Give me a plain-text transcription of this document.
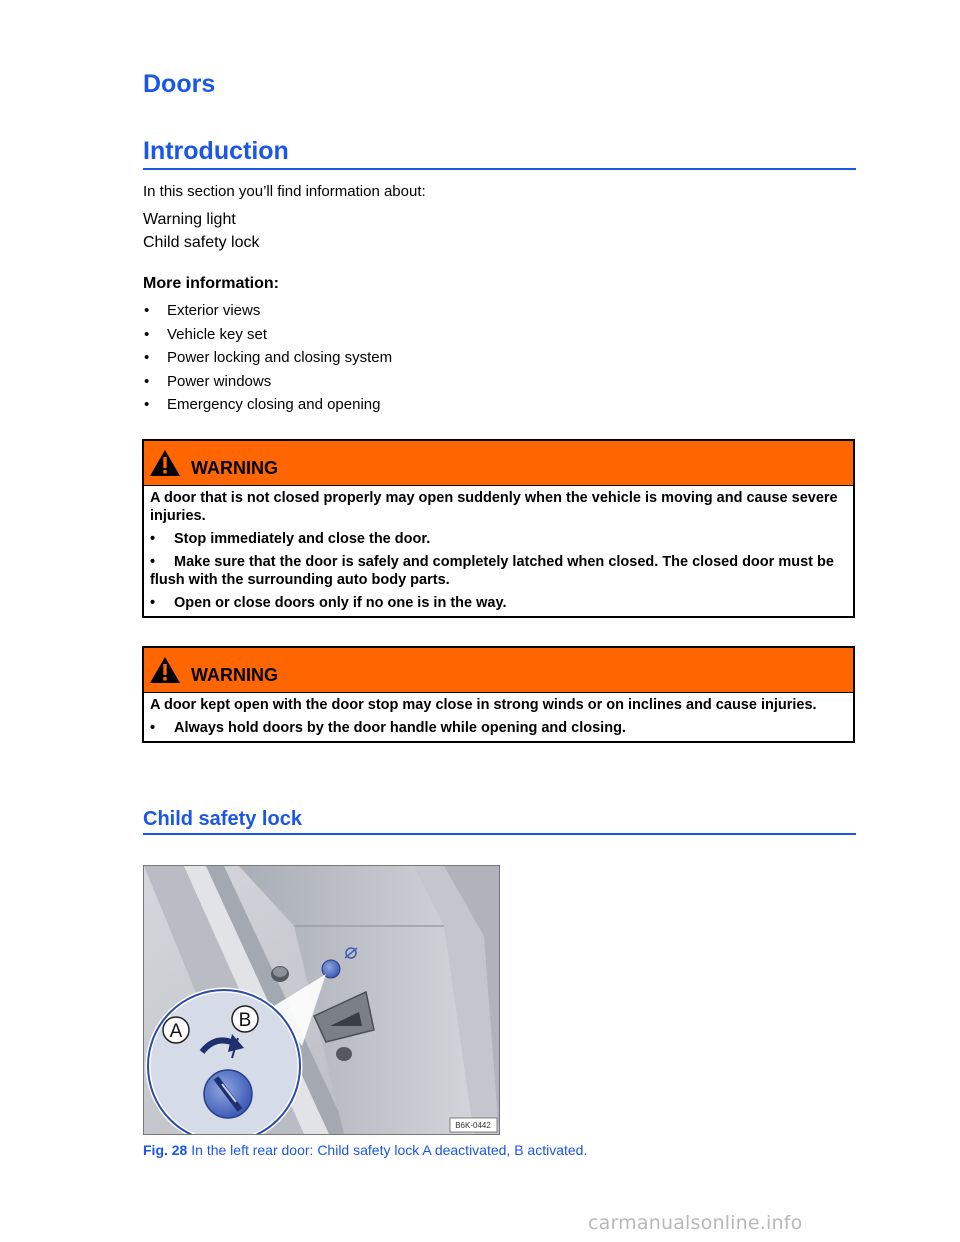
Doors
Introduction
In this section you’ll find information about:
Warning light
Child safety lock
More information:
• Exterior views
• Vehicle key set
• Power locking and closing system
• Power windows
• Emergency closing and opening
WARNING

A door that is not closed properly may open suddenly when the vehicle is moving and cause severe injuries.

• Stop immediately and close the door.
• Make sure that the door is safely and completely latched when closed. The closed door must be flush with the surrounding auto body parts.
• Open or close doors only if no one is in the way.
WARNING

A door kept open with the door stop may close in strong winds or on inclines and cause injuries.

• Always hold doors by the door handle while opening and closing.
Child safety lock
A
B
B6K-0442
Fig. 28 In the left rear door: Child safety lock A deactivated, B activated.
carmanualsonline.info
